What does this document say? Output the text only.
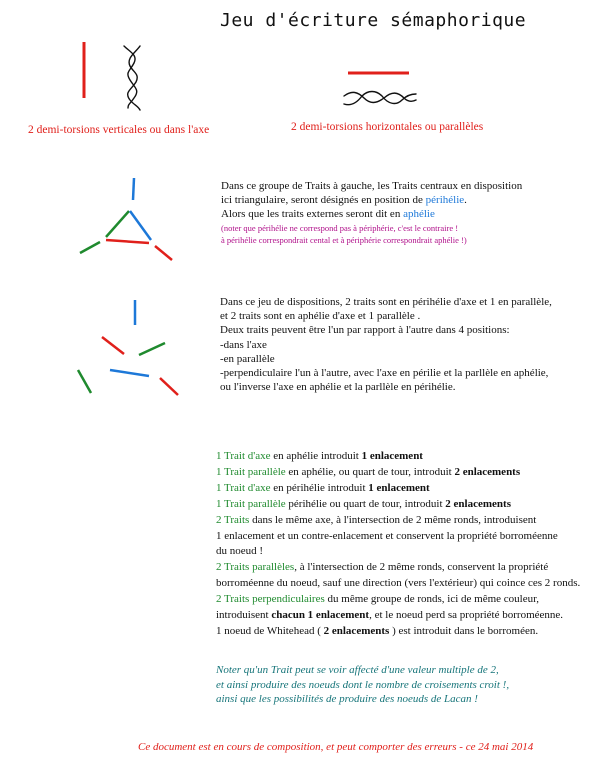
Jeu d'écriture sémaphorique
2 demi-torsions verticales ou dans l'axe	2 demi-torsions horizontales ou parallèles
Dans ce groupe de Traits à gauche, les Traits centraux en disposition
ici triangulaire, seront désignés en position de périhélie.
Alors que les traits externes seront dit en aphélie
(noter que périhélie ne correspond pas à périphérie, c'est le contraire !
à périhélie correspondrait cental et à périphérie correspondrait aphélie !)
Dans ce jeu de dispositions, 2 traits sont en périhélie d'axe et 1 en parallèle,
et 2 traits sont en aphélie d'axe et 1 parallèle .
Deux traits peuvent être l'un par rapport à l'autre dans 4 positions:
-dans l'axe
-en parallèle
-perpendiculaire l'un à l'autre, avec l'axe en périlie et la parllèle en aphélie,
ou l'inverse l'axe en aphélie et la parllèle en périhélie.
1 Trait d'axe en aphélie introduit 1 enlacement
1 Trait parallèle en aphélie, ou quart de tour, introduit 2 enlacements
1 Trait d'axe en périhélie introduit 1 enlacement
1 Trait parallèle périhélie ou quart de tour, introduit 2 enlacements
2 Traits dans le même axe, à l'intersection de 2 même ronds, introduisent
1 enlacement et un contre-enlacement et conservent la propriété borroméenne
du noeud !
2 Traits parallèles, à l'intersection de 2 même ronds, conservent la propriété
borroméenne du noeud, sauf une direction (vers l'extérieur) qui coince ces 2 ronds.
2 Traits perpendiculaires du même groupe de ronds, ici de même couleur,
introduisent chacun 1 enlacement, et le noeud perd sa propriété borroméenne.
1 noeud de Whitehead ( 2 enlacements ) est introduit dans le borroméen.
Noter qu'un Trait peut se voir affecté d'une valeur multiple de 2,
et ainsi produire des noeuds dont le nombre de croisements croit !,
ainsi que les possibilités de produire des noeuds de Lacan !
Ce document est en cours de composition, et peut comporter des erreurs - ce 24 mai 2014
